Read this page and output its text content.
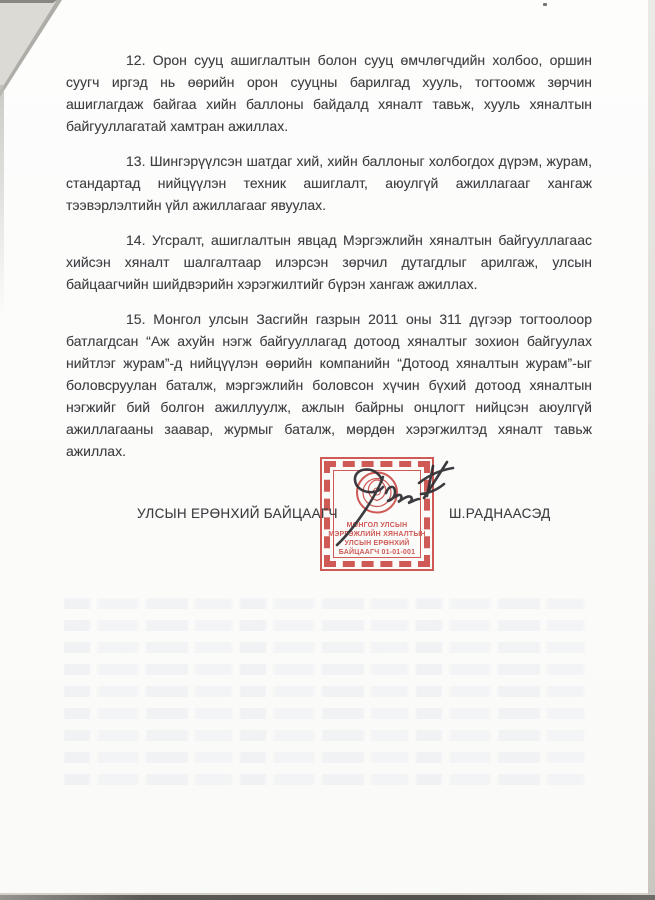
12. Орон сууц ашиглалтын болон сууц өмчлөгчдийн холбоо, оршин суугч иргэд нь өөрийн орон сууцны барилгад хууль, тогтоомж зөрчин ашиглагдаж байгаа хийн баллоны байдалд хяналт тавьж, хууль хяналтын байгууллагатай хамтран ажиллах.

13. Шингэрүүлсэн шатдаг хий, хийн баллоныг холбогдох дүрэм, журам, стандартад нийцүүлэн техник ашиглалт, аюулгүй ажиллагааг хангаж тээвэрлэлтийн үйл ажиллагааг явуулах.

14. Угсралт, ашиглалтын явцад Мэргэжлийн хяналтын байгууллагаас хийсэн хяналт шалгалтаар илэрсэн зөрчил дутагдлыг арилгаж, улсын байцаагчийн шийдвэрийн хэрэгжилтийг бүрэн хангаж ажиллах.

15. Монгол улсын Засгийн газрын 2011 оны 311 дүгээр тогтоолоор батлагдсан “Аж ахуйн нэгж байгууллагад дотоод хяналтыг зохион байгуулах нийтлэг журам”-д нийцүүлэн өөрийн компанийн “Дотоод хяналтын журам”-ыг боловсруулан баталж, мэргэжлийн боловсон хүчин бүхий дотоод хяналтын нэгжийг бий болгон ажиллуулж, ажлын байрны онцлогт нийцсэн аюулгүй ажиллагааны заавар, журмыг баталж, мөрдөн хэрэгжилтэд хяналт тавьж ажиллах.

УЛСЫН ЕРӨНХИЙ БАЙЦААГЧ	Ш.РАДНААСЭД
МОНГОЛ УЛСЫН
МЭРГЭЖЛИЙН ХЯНАЛТЫН
УЛСЫН ЕРӨНХИЙ
БАЙЦААГЧ 01-01-001
